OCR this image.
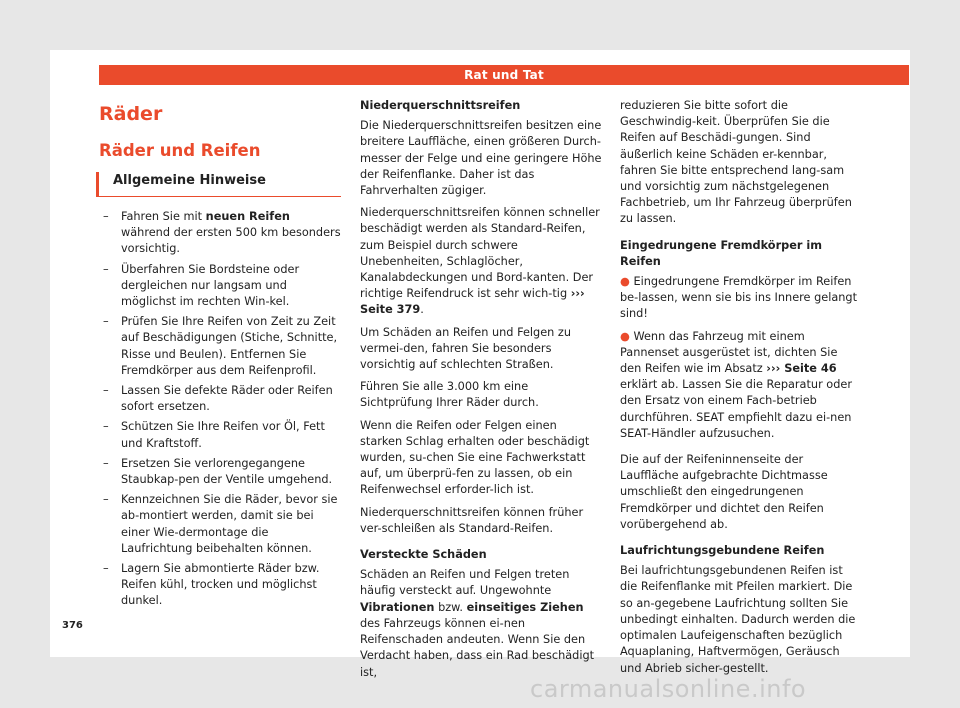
Rat und Tat
Räder
Räder und Reifen
Allgemeine Hinweise
– Fahren Sie mit neuen Reifen während der ersten 500 km besonders vorsichtig.
– Überfahren Sie Bordsteine oder dergleichen nur langsam und möglichst im rechten Win-kel.
– Prüfen Sie Ihre Reifen von Zeit zu Zeit auf Beschädigungen (Stiche, Schnitte, Risse und Beulen). Entfernen Sie Fremdkörper aus dem Reifenprofil.
– Lassen Sie defekte Räder oder Reifen sofort ersetzen.
– Schützen Sie Ihre Reifen vor Öl, Fett und Kraftstoff.
– Ersetzen Sie verlorengegangene Staubkap-pen der Ventile umgehend.
– Kennzeichnen Sie die Räder, bevor sie ab-montiert werden, damit sie bei einer Wie-dermontage die Laufrichtung beibehalten können.
– Lagern Sie abmontierte Räder bzw. Reifen kühl, trocken und möglichst dunkel.
Niederquerschnittsreifen

Die Niederquerschnittsreifen besitzen eine breitere Lauffläche, einen größeren Durch-messer der Felge und eine geringere Höhe der Reifenflanke. Daher ist das Fahrverhalten zügiger.

Niederquerschnittsreifen können schneller beschädigt werden als Standard-Reifen, zum Beispiel durch schwere Unebenheiten, Schlaglöcher, Kanalabdeckungen und Bord-kanten. Der richtige Reifendruck ist sehr wich-tig ››› Seite 379.

Um Schäden an Reifen und Felgen zu vermei-den, fahren Sie besonders vorsichtig auf schlechten Straßen.

Führen Sie alle 3.000 km eine Sichtprüfung Ihrer Räder durch.

Wenn die Reifen oder Felgen einen starken Schlag erhalten oder beschädigt wurden, su-chen Sie eine Fachwerkstatt auf, um überprü-fen zu lassen, ob ein Reifenwechsel erforder-lich ist.

Niederquerschnittsreifen können früher ver-schleißen als Standard-Reifen.

Versteckte Schäden

Schäden an Reifen und Felgen treten häufig versteckt auf. Ungewohnte Vibrationen bzw. einseitiges Ziehen des Fahrzeugs können ei-nen Reifenschaden andeuten. Wenn Sie den Verdacht haben, dass ein Rad beschädigt ist,

reduzieren Sie bitte sofort die Geschwindig-keit. Überprüfen Sie die Reifen auf Beschädi-gungen. Sind äußerlich keine Schäden er-kennbar, fahren Sie bitte entsprechend lang-sam und vorsichtig zum nächstgelegenen Fachbetrieb, um Ihr Fahrzeug überprüfen zu lassen.

Eingedrungene Fremdkörper im Reifen

● Eingedrungene Fremdkörper im Reifen be-lassen, wenn sie bis ins Innere gelangt sind!

● Wenn das Fahrzeug mit einem Pannenset ausgerüstet ist, dichten Sie den Reifen wie im Absatz ››› Seite 46 erklärt ab. Lassen Sie die Reparatur oder den Ersatz von einem Fach-betrieb durchführen. SEAT empfiehlt dazu ei-nen SEAT-Händler aufzusuchen.

Die auf der Reifeninnenseite der Lauffläche aufgebrachte Dichtmasse umschließt den eingedrungenen Fremdkörper und dichtet den Reifen vorübergehend ab.

Laufrichtungsgebundene Reifen

Bei laufrichtungsgebundenen Reifen ist die Reifenflanke mit Pfeilen markiert. Die so an-gegebene Laufrichtung sollten Sie unbedingt einhalten. Dadurch werden die optimalen Laufeigenschaften bezüglich Aquaplaning, Haftvermögen, Geräusch und Abrieb sicher-gestellt.

376
carmanualsonline.info
